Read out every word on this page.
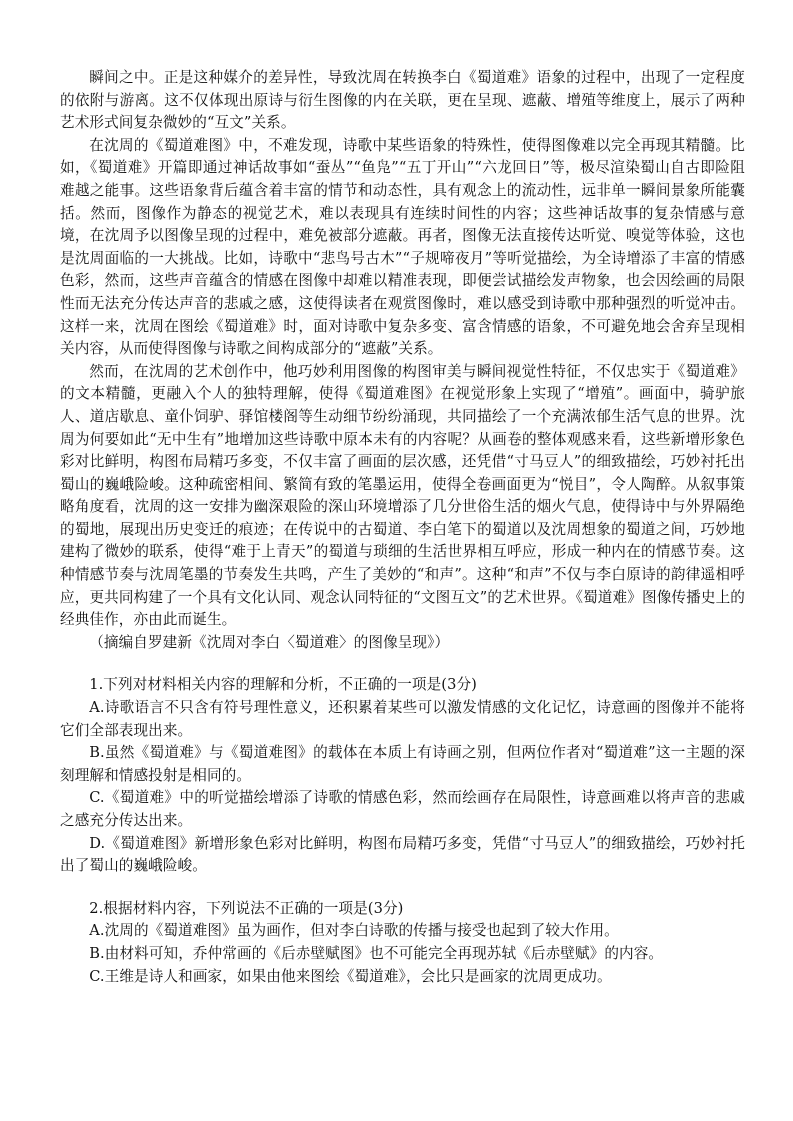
瞬间之中。正是这种媒介的差异性，导致沈周在转换李白《蜀道难》语象的过程中，出现了一定程度的依附与游离。这不仅体现出原诗与衍生图像的内在关联，更在呈现、遮蔽、增殖等维度上，展示了两种艺术形式间复杂微妙的“互文”关系。

在沈周的《蜀道难图》中，不难发现，诗歌中某些语象的特殊性，使得图像难以完全再现其精髓。比如，《蜀道难》开篇即通过神话故事如“蚕丛”“鱼凫”“五丁开山”“六龙回日”等，极尽渲染蜀山自古即险阻难越之能事。这些语象背后蕴含着丰富的情节和动态性，具有观念上的流动性，远非单一瞬间景象所能囊括。然而，图像作为静态的视觉艺术，难以表现具有连续时间性的内容；这些神话故事的复杂情感与意境，在沈周予以图像呈现的过程中，难免被部分遮蔽。再者，图像无法直接传达听觉、嗅觉等体验，这也是沈周面临的一大挑战。比如，诗歌中“悲鸟号古木”“子规啼夜月”等听觉描绘，为全诗增添了丰富的情感色彩，然而，这些声音蕴含的情感在图像中却难以精准表现，即便尝试描绘发声物象，也会因绘画的局限性而无法充分传达声音的悲戚之感，这使得读者在观赏图像时，难以感受到诗歌中那种强烈的听觉冲击。这样一来，沈周在图绘《蜀道难》时，面对诗歌中复杂多变、富含情感的语象，不可避免地会舍弃呈现相关内容，从而使得图像与诗歌之间构成部分的“遮蔽”关系。

然而，在沈周的艺术创作中，他巧妙利用图像的构图审美与瞬间视觉性特征，不仅忠实于《蜀道难》的文本精髓，更融入个人的独特理解，使得《蜀道难图》在视觉形象上实现了“增殖”。画面中，骑驴旅人、道店歇息、童仆饲驴、驿馆楼阁等生动细节纷纷涌现，共同描绘了一个充满浓郁生活气息的世界。沈周为何要如此“无中生有”地增加这些诗歌中原本未有的内容呢？从画卷的整体观感来看，这些新增形象色彩对比鲜明，构图布局精巧多变，不仅丰富了画面的层次感，还凭借“寸马豆人”的细致描绘，巧妙衬托出蜀山的巍峨险峻。这种疏密相间、繁简有致的笔墨运用，使得全卷画面更为“悦目”，令人陶醉。从叙事策略角度看，沈周的这一安排为幽深艰险的深山环境增添了几分世俗生活的烟火气息，使得诗中与外界隔绝的蜀地，展现出历史变迁的痕迹；在传说中的古蜀道、李白笔下的蜀道以及沈周想象的蜀道之间，巧妙地建构了微妙的联系，使得“难于上青天”的蜀道与琐细的生活世界相互呼应，形成一种内在的情感节奏。这种情感节奏与沈周笔墨的节奏发生共鸣，产生了美妙的“和声”。这种“和声”不仅与李白原诗的韵律遥相呼应，更共同构建了一个具有文化认同、观念认同特征的“文图互文”的艺术世界。《蜀道难》图像传播史上的经典佳作，亦由此而诞生。

（摘编自罗建新《沈周对李白〈蜀道难〉的图像呈现》）

1.下列对材料相关内容的理解和分析，不正确的一项是(3分)

A.诗歌语言不只含有符号理性意义，还积累着某些可以激发情感的文化记忆，诗意画的图像并不能将它们全部表现出来。

B.虽然《蜀道难》与《蜀道难图》的载体在本质上有诗画之别，但两位作者对“蜀道难”这一主题的深刻理解和情感投射是相同的。

C.《蜀道难》中的听觉描绘增添了诗歌的情感色彩，然而绘画存在局限性，诗意画难以将声音的悲戚之感充分传达出来。

D.《蜀道难图》新增形象色彩对比鲜明，构图布局精巧多变，凭借“寸马豆人”的细致描绘，巧妙衬托出了蜀山的巍峨险峻。

2.根据材料内容，下列说法不正确的一项是(3分)

A.沈周的《蜀道难图》虽为画作，但对李白诗歌的传播与接受也起到了较大作用。

B.由材料可知，乔仲常画的《后赤壁赋图》也不可能完全再现苏轼《后赤壁赋》的内容。

C.王维是诗人和画家，如果由他来图绘《蜀道难》，会比只是画家的沈周更成功。
